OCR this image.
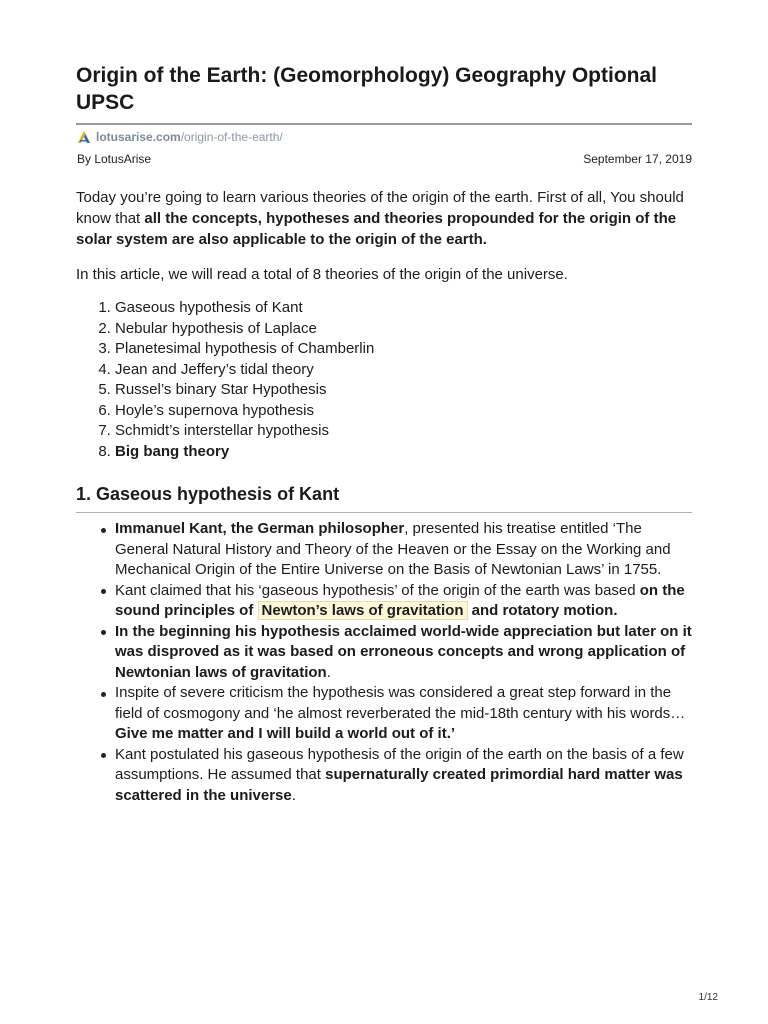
Origin of the Earth: (Geomorphology) Geography Optional UPSC
lotusarise.com /origin-of-the-earth/
By LotusArise	September 17, 2019

Today you’re going to learn various theories of the origin of the earth. First of all, You should know that all the concepts, hypotheses and theories propounded for the origin of the solar system are also applicable to the origin of the earth.

In this article, we will read a total of 8 theories of the origin of the universe.

1. Gaseous hypothesis of Kant
2. Nebular hypothesis of Laplace
3. Planetesimal hypothesis of Chamberlin
4. Jean and Jeffery’s tidal theory
5. Russel’s binary Star Hypothesis
6. Hoyle’s supernova hypothesis
7. Schmidt’s interstellar hypothesis
8. Big bang theory
1. Gaseous hypothesis of Kant
Immanuel Kant, the German philosopher, presented his treatise entitled ‘The General Natural History and Theory of the Heaven or the Essay on the Working and Mechanical Origin of the Entire Universe on the Basis of Newtonian Laws’ in 1755.
Kant claimed that his ‘gaseous hypothesis’ of the origin of the earth was based on the sound principles of Newton’s laws of gravitation and rotatory motion.
In the beginning his hypothesis acclaimed world-wide appreciation but later on it was disproved as it was based on erroneous concepts and wrong application of Newtonian laws of gravitation.
Inspite of severe criticism the hypothesis was considered a great step forward in the field of cosmogony and ‘he almost reverberated the mid-18th century with his words…Give me matter and I will build a world out of it.’
Kant postulated his gaseous hypothesis of the origin of the earth on the basis of a few assumptions. He assumed that supernaturally created primordial hard matter was scattered in the universe.
1/12
